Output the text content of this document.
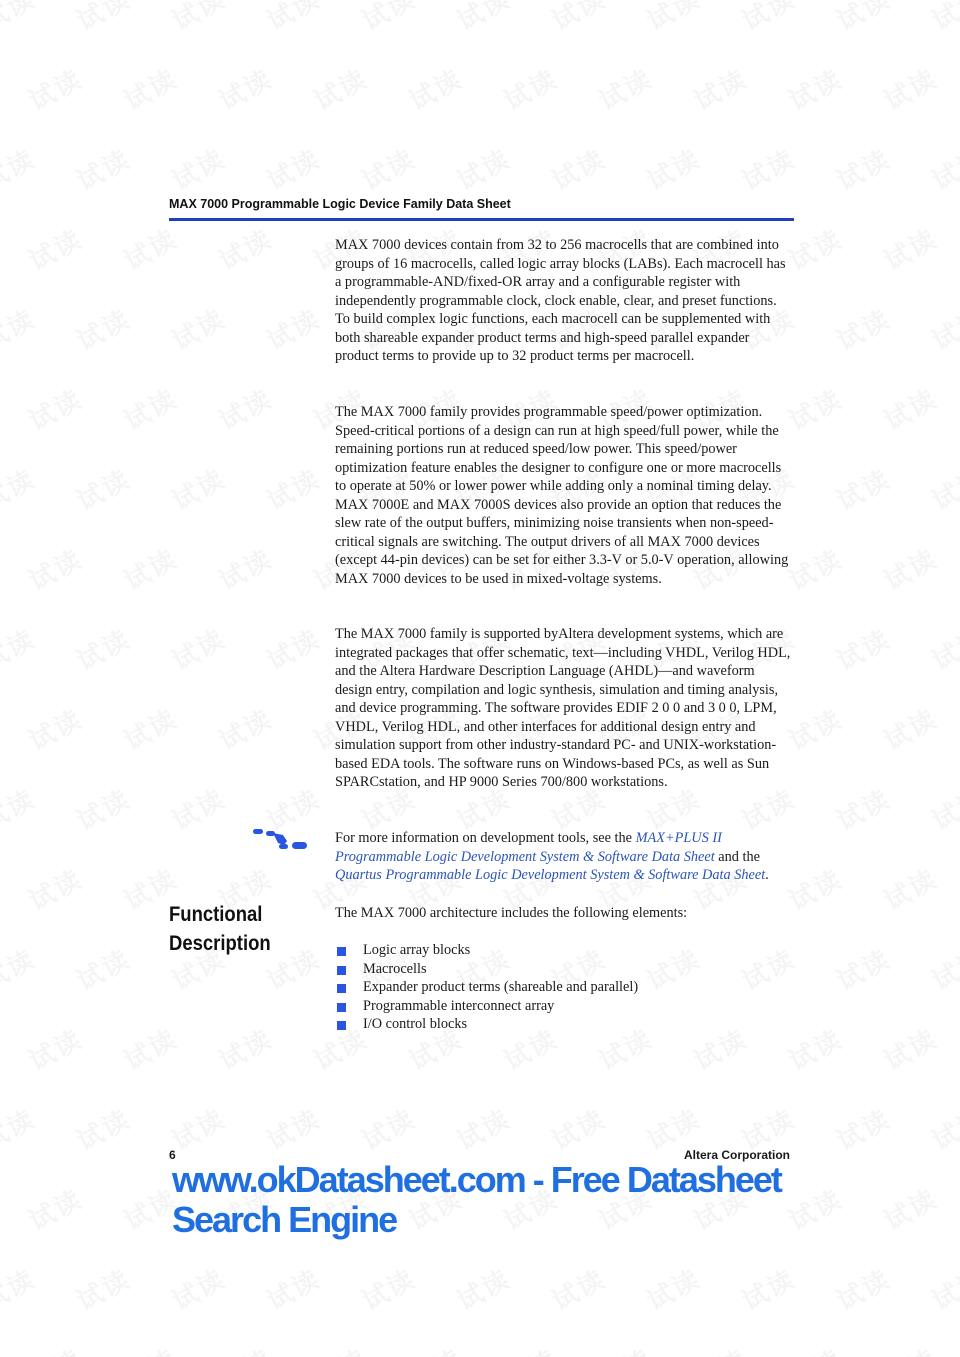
MAX 7000 Programmable Logic Device Family Data Sheet

MAX 7000 devices contain from 32 to 256 macrocells that are combined into groups of 16 macrocells, called logic array blocks (LABs). Each macrocell has a programmable-AND/fixed-OR array and a configurable register with independently programmable clock, clock enable, clear, and preset functions. To build complex logic functions, each macrocell can be supplemented with both shareable expander product terms and high-speed parallel expander product terms to provide up to 32 product terms per macrocell.

The MAX 7000 family provides programmable speed/power optimization. Speed-critical portions of a design can run at high speed/full power, while the remaining portions run at reduced speed/low power. This speed/power optimization feature enables the designer to configure one or more macrocells to operate at 50% or lower power while adding only a nominal timing delay. MAX 7000E and MAX 7000S devices also provide an option that reduces the slew rate of the output buffers, minimizing noise transients when non-speed-critical signals are switching. The output drivers of all MAX 7000 devices (except 44-pin devices) can be set for either 3.3-V or 5.0-V operation, allowing MAX 7000 devices to be used in mixed-voltage systems.

The MAX 7000 family is supported byAltera development systems, which are integrated packages that offer schematic, text—including VHDL, Verilog HDL, and the Altera Hardware Description Language (AHDL)—and waveform design entry, compilation and logic synthesis, simulation and timing analysis, and device programming. The software provides EDIF 2 0 0 and 3 0 0, LPM, VHDL, Verilog HDL, and other interfaces for additional design entry and simulation support from other industry-standard PC- and UNIX-workstation-based EDA tools. The software runs on Windows-based PCs, as well as Sun SPARCstation, and HP 9000 Series 700/800 workstations.

For more information on development tools, see the MAX+PLUS II Programmable Logic Development System & Software Data Sheet and the Quartus Programmable Logic Development System & Software Data Sheet.
Functional Description

The MAX 7000 architecture includes the following elements:

Logic array blocks
Macrocells
Expander product terms (shareable and parallel)
Programmable interconnect array
I/O control blocks
6	Altera Corporation
www.okDatasheet.com - Free Datasheet Search Engine
